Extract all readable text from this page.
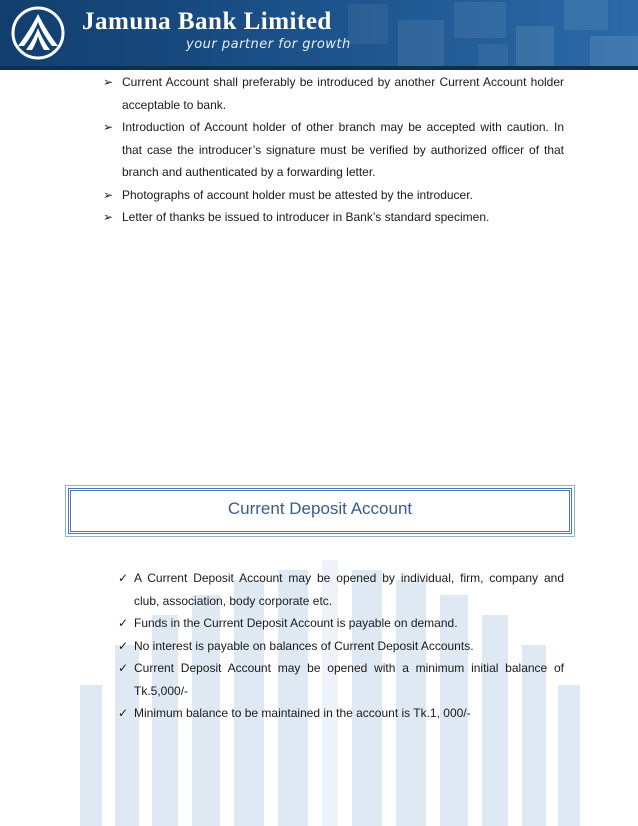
Jamuna Bank Limited
your partner for growth
➢ Current Account shall preferably be introduced by another Current Account holder acceptable to bank.
➢ Introduction of Account holder of other branch may be accepted with caution. In that case the introducer’s signature must be verified by authorized officer of that branch and authenticated by a forwarding letter.
➢ Photographs of account holder must be attested by the introducer.
➢ Letter of thanks be issued to introducer in Bank’s standard specimen.
Current Deposit Account
✓ A Current Deposit Account may be opened by individual, firm, company and club, association, body corporate etc.
✓ Funds in the Current Deposit Account is payable on demand.
✓ No interest is payable on balances of Current Deposit Accounts.
✓ Current Deposit Account may be opened with a minimum initial balance of Tk.5,000/-
✓ Minimum balance to be maintained in the account is Tk.1, 000/-
